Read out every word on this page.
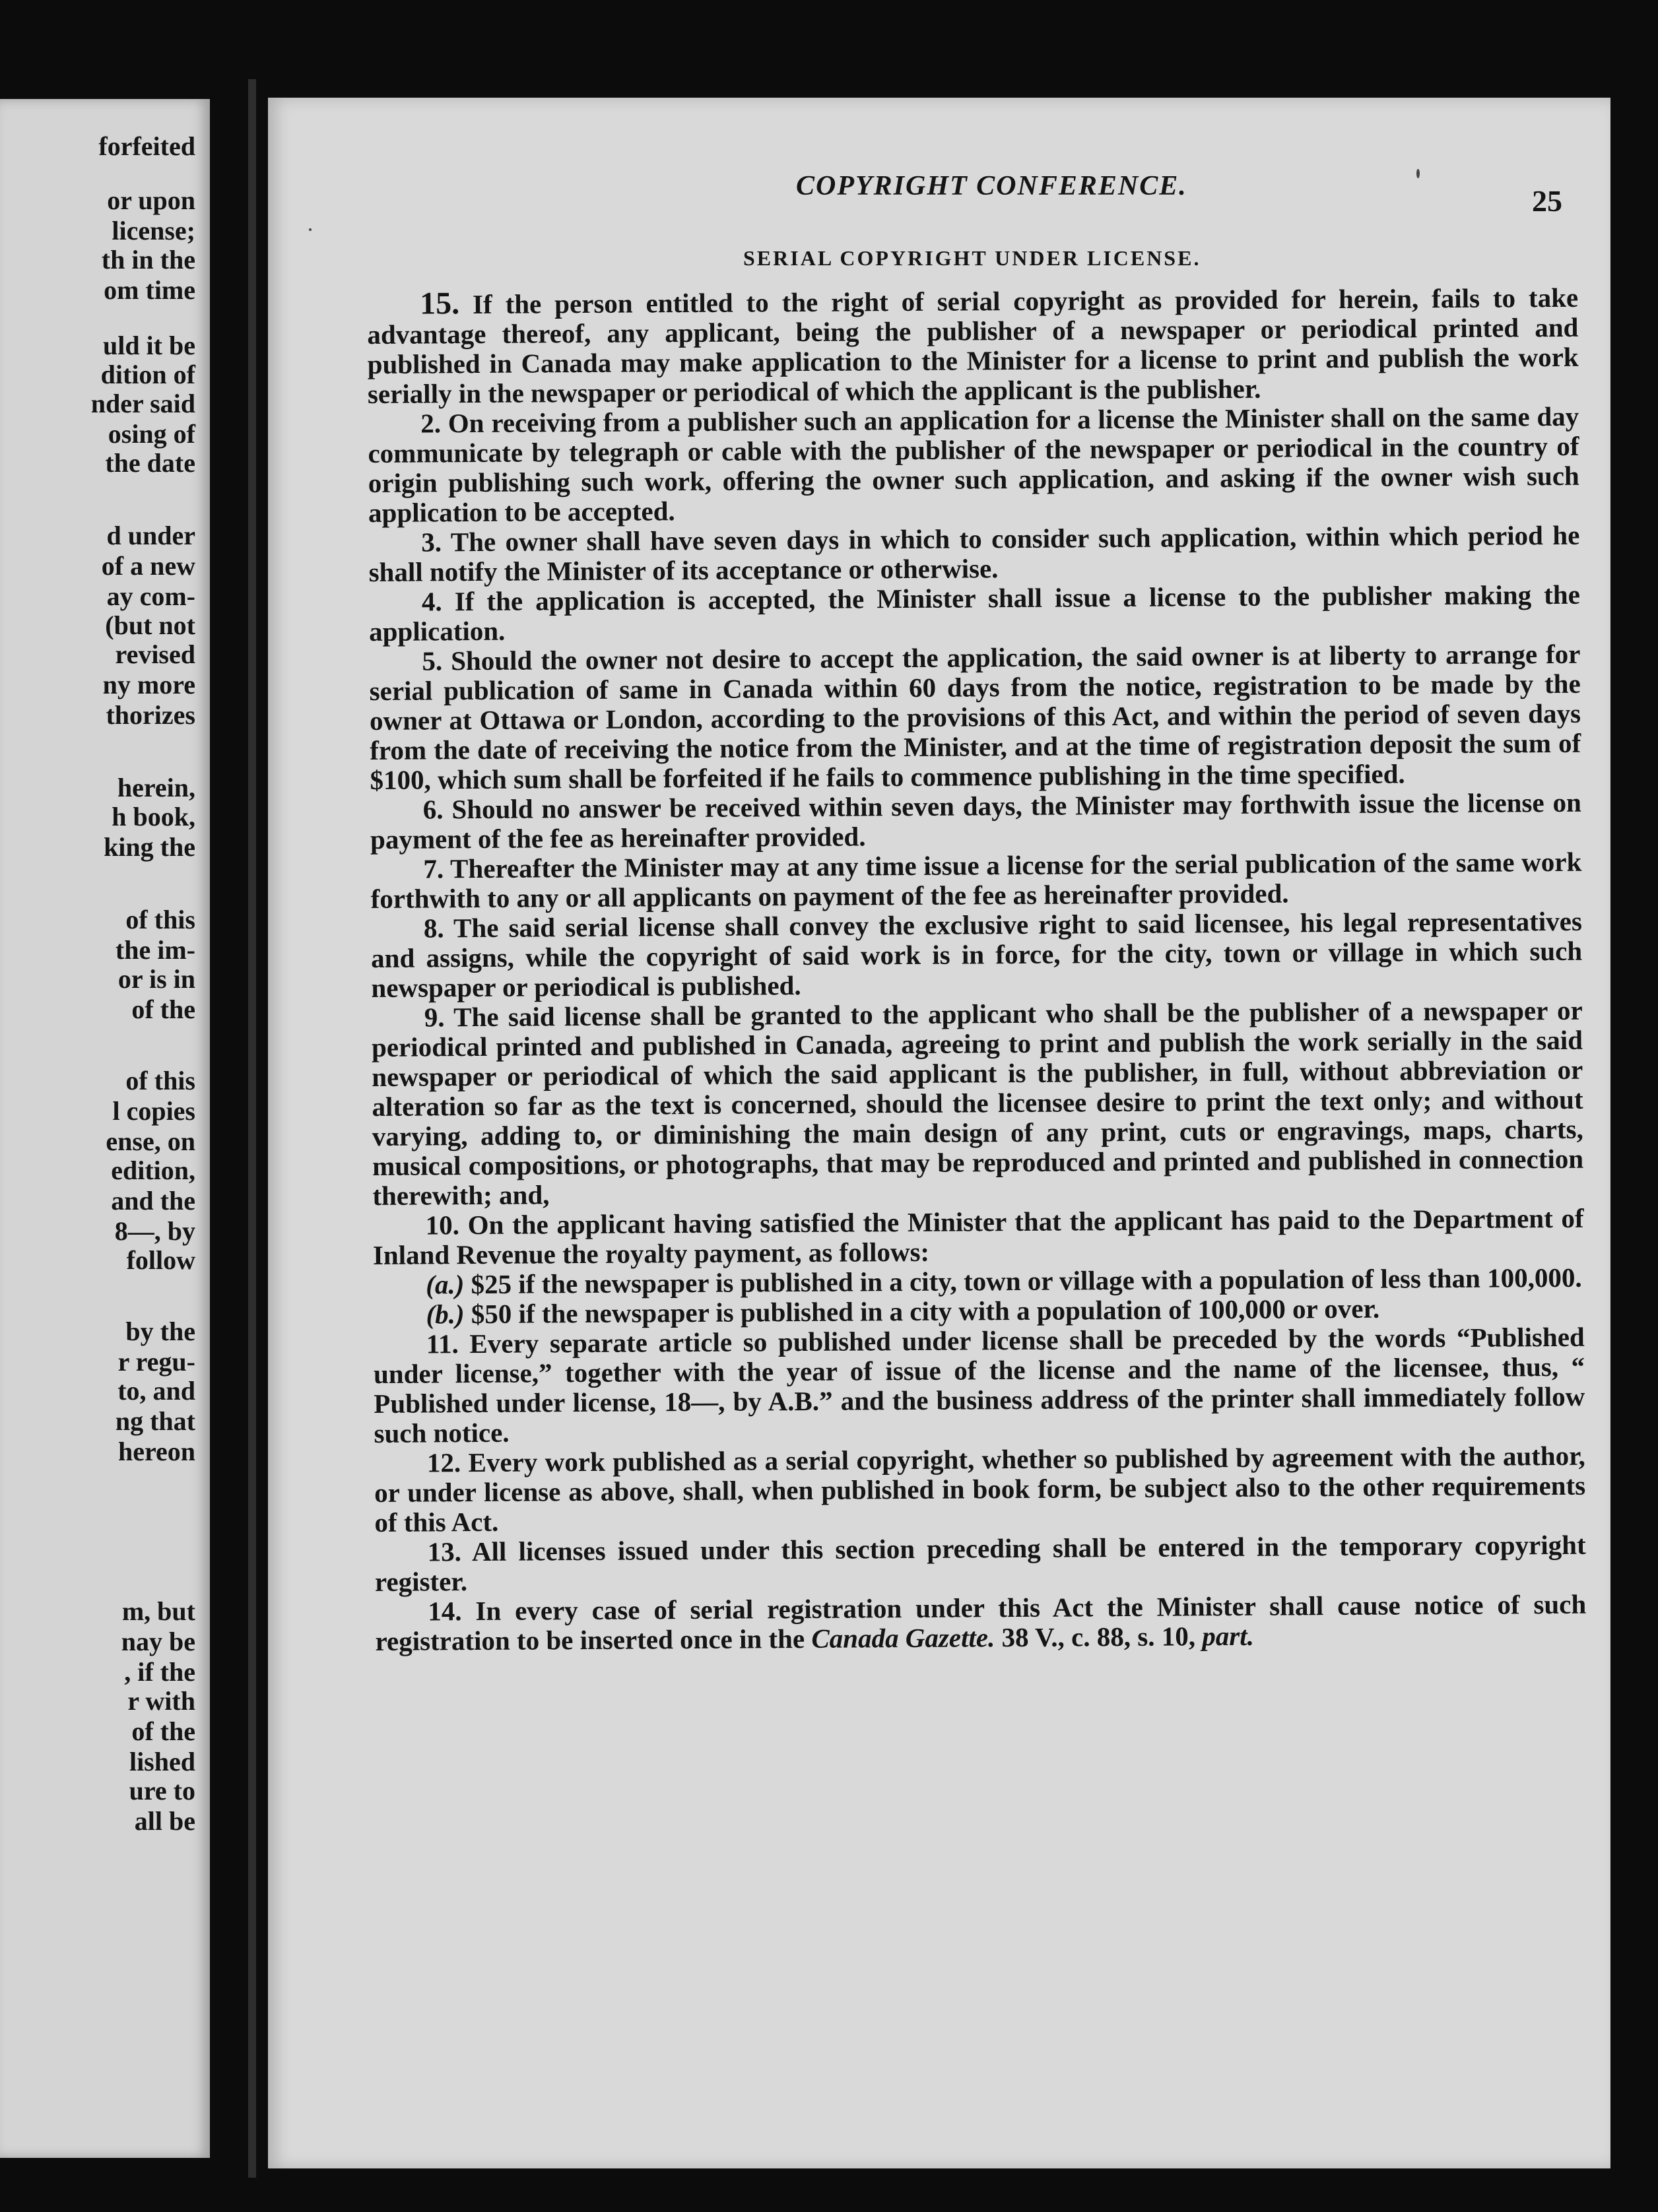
forfeited
or upon
license;
th in the
om time
uld it be
dition of
nder said
osing of
the date
d under
of a new
ay com-
(but not
revised
ny more
thorizes
herein,
h book,
king the
of this
the im-
or is in
of the
of this
l copies
ense, on
edition,
and the
8—, by
follow
by the
r regu-
to, and
ng that
hereon
m, but
nay be
, if the
r with
of the
lished
ure to
all be
COPYRIGHT CONFERENCE.	25
SERIAL COPYRIGHT UNDER LICENSE.

15. If the person entitled to the right of serial copyright as provided for herein, fails to take advantage thereof, any applicant, being the publisher of a newspaper or periodical printed and published in Canada may make application to the Minister for a license to print and publish the work serially in the newspaper or periodical of which the applicant is the publisher.

2. On receiving from a publisher such an application for a license the Minister shall on the same day communicate by telegraph or cable with the publisher of the newspaper or periodical in the country of origin publishing such work, offering the owner such application, and asking if the owner wish such application to be accepted.

3. The owner shall have seven days in which to consider such application, within which period he shall notify the Minister of its acceptance or otherwise.

4. If the application is accepted, the Minister shall issue a license to the publisher making the application.

5. Should the owner not desire to accept the application, the said owner is at liberty to arrange for serial publication of same in Canada within 60 days from the notice, registration to be made by the owner at Ottawa or London, according to the provisions of this Act, and within the period of seven days from the date of receiving the notice from the Minister, and at the time of registration deposit the sum of $100, which sum shall be forfeited if he fails to commence publishing in the time specified.

6. Should no answer be received within seven days, the Minister may forthwith issue the license on payment of the fee as hereinafter provided.

7. Thereafter the Minister may at any time issue a license for the serial publication of the same work forthwith to any or all applicants on payment of the fee as hereinafter provided.

8. The said serial license shall convey the exclusive right to said licensee, his legal representatives and assigns, while the copyright of said work is in force, for the city, town or village in which such newspaper or periodical is published.

9. The said license shall be granted to the applicant who shall be the publisher of a newspaper or periodical printed and published in Canada, agreeing to print and publish the work serially in the said newspaper or periodical of which the said applicant is the publisher, in full, without abbreviation or alteration so far as the text is concerned, should the licensee desire to print the text only; and without varying, adding to, or diminishing the main design of any print, cuts or engravings, maps, charts, musical compositions, or photographs, that may be reproduced and printed and published in connection therewith; and,

10. On the applicant having satisfied the Minister that the applicant has paid to the Department of Inland Revenue the royalty payment, as follows:

(a.) $25 if the newspaper is published in a city, town or village with a population of less than 100,000.

(b.) $50 if the newspaper is published in a city with a population of 100,000 or over.

11. Every separate article so published under license shall be preceded by the words “Published under license,” together with the year of issue of the license and the name of the licensee, thus, “ Published under license, 18—, by A.B.” and the business address of the printer shall immediately follow such notice.

12. Every work published as a serial copyright, whether so published by agreement with the author, or under license as above, shall, when published in book form, be subject also to the other requirements of this Act.

13. All licenses issued under this section preceding shall be entered in the temporary copyright register.

14. In every case of serial registration under this Act the Minister shall cause notice of such registration to be inserted once in the Canada Gazette. 38 V., c. 88, s. 10, part.
